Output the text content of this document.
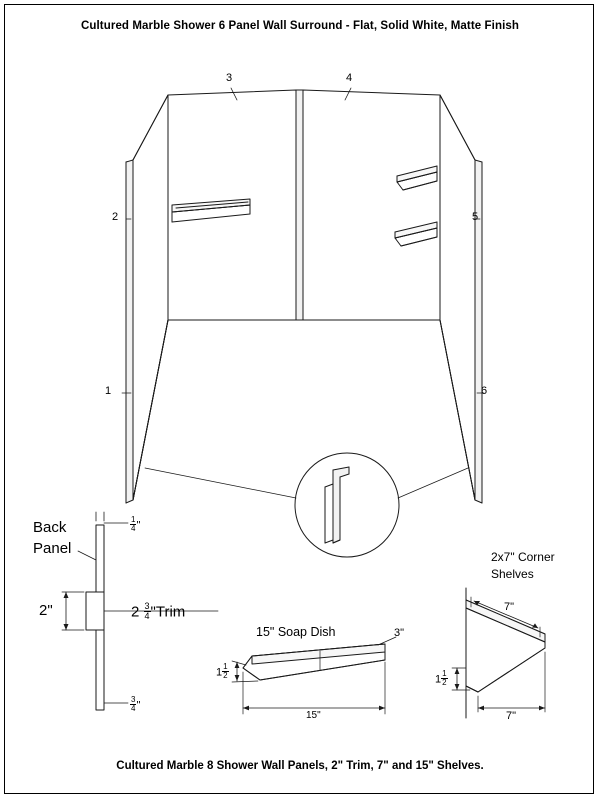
Cultured Marble Shower 6 Panel Wall Surround - Flat, Solid White, Matte Finish
Cultured Marble 8 Shower Wall Panels, 2" Trim, 7" and 15" Shelves.
3	4
2	5
1	6
Back
Panel
$\frac{1}{4}$ "
$\frac{3}{4}$ "
2"	$2 \frac{3}{4}$ "Trim
15" Soap Dish	3"
$1 \frac{1}{2}$
15"
2x7" Corner
Shelves
7"
7"
$1 \frac{1}{2}$
